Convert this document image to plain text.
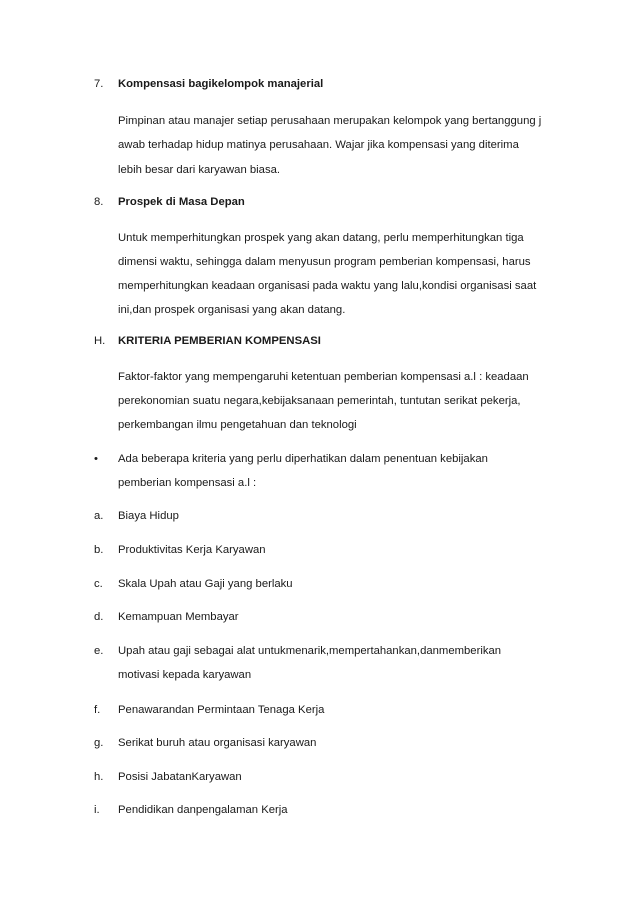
7. Kompensasi bagikelompok manajerial
Pimpinan atau manajer setiap perusahaan merupakan kelompok yang bertanggung j
awab terhadap hidup matinya perusahaan. Wajar jika kompensasi yang diterima
lebih besar dari karyawan biasa.
8. Prospek di Masa Depan
Untuk memperhitungkan prospek yang akan datang, perlu memperhitungkan tiga
dimensi waktu, sehingga dalam menyusun program pemberian kompensasi, harus
memperhitungkan keadaan organisasi pada waktu yang lalu,kondisi organisasi saat
ini,dan prospek organisasi yang akan datang.
H. KRITERIA PEMBERIAN KOMPENSASI
Faktor-faktor yang mempengaruhi ketentuan pemberian kompensasi a.l : keadaan
perekonomian suatu negara,kebijaksanaan pemerintah, tuntutan serikat pekerja,
perkembangan ilmu pengetahuan dan teknologi
• Ada beberapa kriteria yang perlu diperhatikan dalam penentuan kebijakan
pemberian kompensasi a.l :
a. Biaya Hidup
b. Produktivitas Kerja Karyawan
c. Skala Upah atau Gaji yang berlaku
d. Kemampuan Membayar
e. Upah atau gaji sebagai alat untukmenarik,mempertahankan,danmemberikan
motivasi kepada karyawan
f. Penawarandan Permintaan Tenaga Kerja
g. Serikat buruh atau organisasi karyawan
h. Posisi JabatanKaryawan
i. Pendidikan danpengalaman Kerja
